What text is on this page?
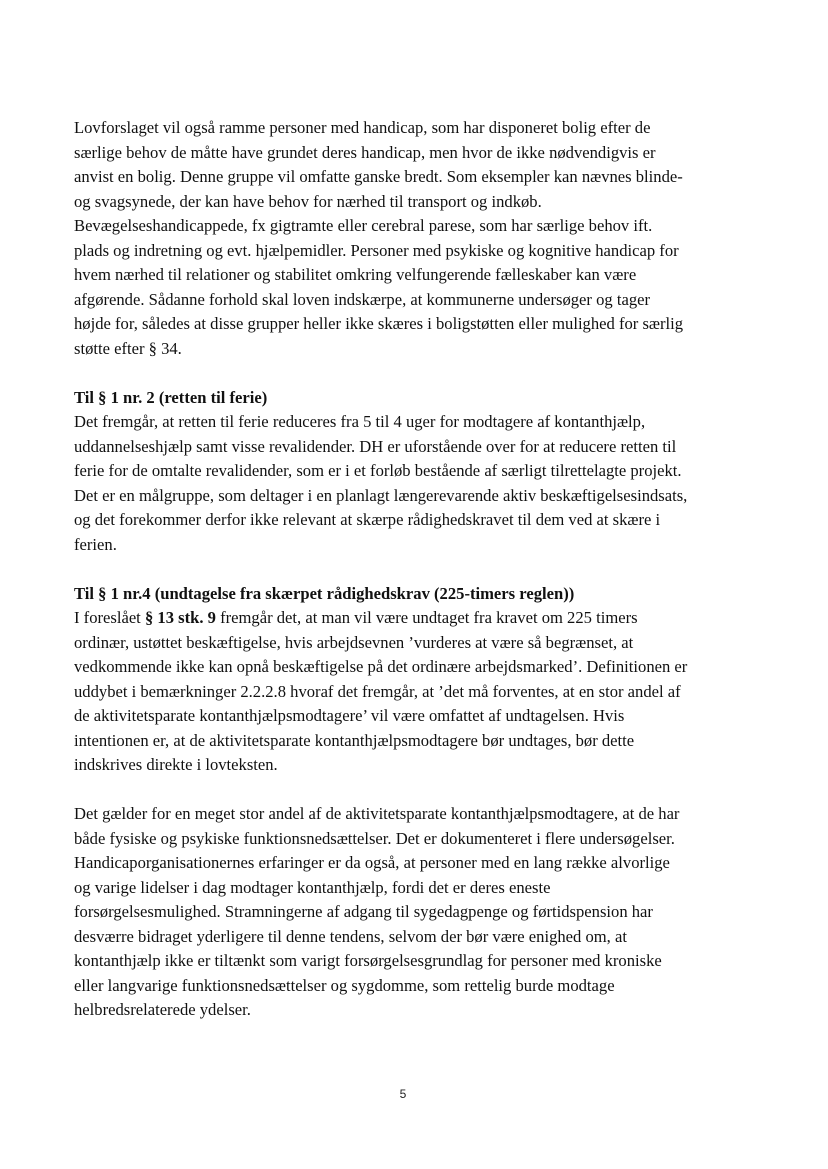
Lovforslaget vil også ramme personer med handicap, som har disponeret bolig efter de
særlige behov de måtte have grundet deres handicap, men hvor de ikke nødvendigvis er
anvist en bolig. Denne gruppe vil omfatte ganske bredt. Som eksempler kan nævnes blinde-
og svagsynede, der kan have behov for nærhed til transport og indkøb.
Bevægelseshandicappede, fx gigtramte eller cerebral parese, som har særlige behov ift.
plads og indretning og evt. hjælpemidler. Personer med psykiske og kognitive handicap for
hvem nærhed til relationer og stabilitet omkring velfungerende fælleskaber kan være
afgørende. Sådanne forhold skal loven indskærpe, at kommunerne undersøger og tager
højde for, således at disse grupper heller ikke skæres i boligstøtten eller mulighed for særlig
støtte efter § 34.

Til § 1 nr. 2 (retten til ferie)
Det fremgår, at retten til ferie reduceres fra 5 til 4 uger for modtagere af kontanthjælp,
uddannelseshjælp samt visse revalidender. DH er uforstående over for at reducere retten til
ferie for de omtalte revalidender, som er i et forløb bestående af særligt tilrettelagte projekt.
Det er en målgruppe, som deltager i en planlagt længerevarende aktiv beskæftigelsesindsats,
og det forekommer derfor ikke relevant at skærpe rådighedskravet til dem ved at skære i
ferien.

Til § 1 nr.4 (undtagelse fra skærpet rådighedskrav (225-timers reglen))
I foreslået § 13 stk. 9 fremgår det, at man vil være undtaget fra kravet om 225 timers
ordinær, ustøttet beskæftigelse, hvis arbejdsevnen ’vurderes at være så begrænset, at
vedkommende ikke kan opnå beskæftigelse på det ordinære arbejdsmarked’. Definitionen er
uddybet i bemærkninger 2.2.2.8 hvoraf det fremgår, at ’det må forventes, at en stor andel af
de aktivitetsparate kontanthjælpsmodtagere’ vil være omfattet af undtagelsen. Hvis
intentionen er, at de aktivitetsparate kontanthjælpsmodtagere bør undtages, bør dette
indskrives direkte i lovteksten.

Det gælder for en meget stor andel af de aktivitetsparate kontanthjælpsmodtagere, at de har
både fysiske og psykiske funktionsnedsættelser. Det er dokumenteret i flere undersøgelser.
Handicaporganisationernes erfaringer er da også, at personer med en lang række alvorlige
og varige lidelser i dag modtager kontanthjælp, fordi det er deres eneste
forsørgelsesmulighed. Stramningerne af adgang til sygedagpenge og førtidspension har
desværre bidraget yderligere til denne tendens, selvom der bør være enighed om, at
kontanthjælp ikke er tiltænkt som varigt forsørgelsesgrundlag for personer med kroniske
eller langvarige funktionsnedsættelser og sygdomme, som rettelig burde modtage
helbredsrelaterede ydelser.

5
